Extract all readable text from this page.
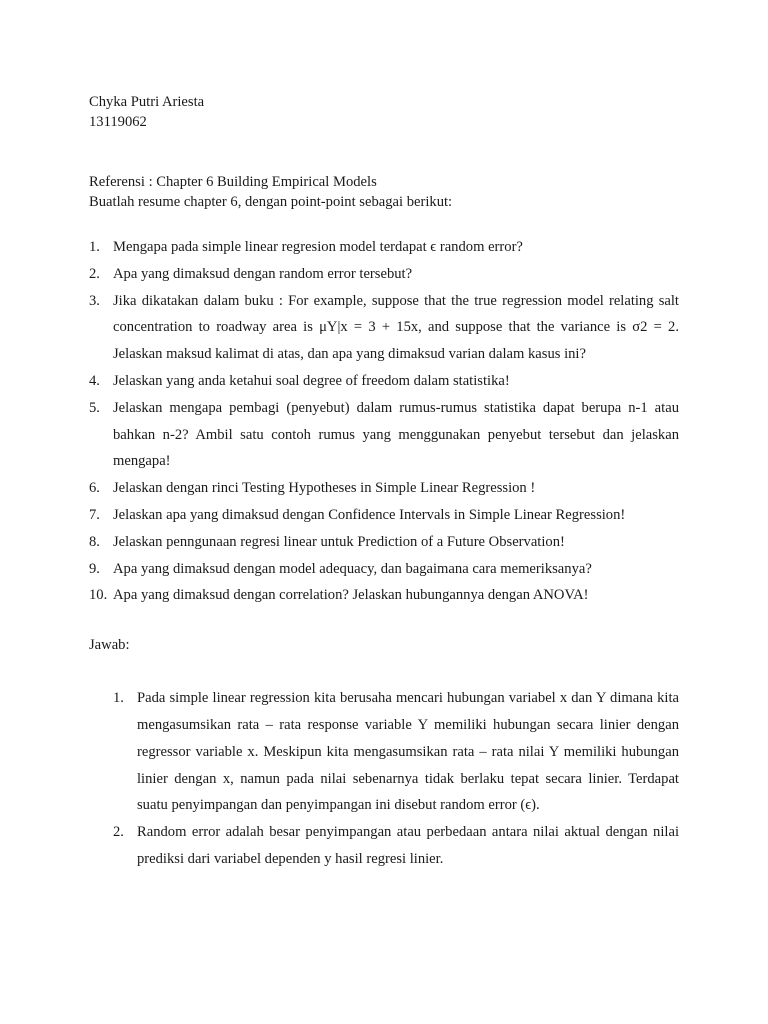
Chyka Putri Ariesta

13119062

Referensi : Chapter 6 Building Empirical Models

Buatlah resume chapter 6, dengan point-point sebagai berikut:

1. Mengapa pada simple linear regresion model terdapat ϵ random error?
2. Apa yang dimaksud dengan random error tersebut?
3. Jika dikatakan dalam buku : For example, suppose that the true regression model relating salt concentration to roadway area is μY|x = 3 + 15x, and suppose that the variance is σ2 = 2. Jelaskan maksud kalimat di atas, dan apa yang dimaksud varian dalam kasus ini?
4. Jelaskan yang anda ketahui soal degree of freedom dalam statistika!
5. Jelaskan mengapa pembagi (penyebut) dalam rumus-rumus statistika dapat berupa n-1 atau bahkan n-2? Ambil satu contoh rumus yang menggunakan penyebut tersebut dan jelaskan mengapa!
6. Jelaskan dengan rinci Testing Hypotheses in Simple Linear Regression !
7. Jelaskan apa yang dimaksud dengan Confidence Intervals in Simple Linear Regression!
8. Jelaskan penngunaan regresi linear untuk Prediction of a Future Observation!
9. Apa yang dimaksud dengan model adequacy, dan bagaimana cara memeriksanya?
10. Apa yang dimaksud dengan correlation? Jelaskan hubungannya dengan ANOVA!

Jawab:

1. Pada simple linear regression kita berusaha mencari hubungan variabel x dan Y dimana kita mengasumsikan rata – rata response variable Y memiliki hubungan secara linier dengan regressor variable x. Meskipun kita mengasumsikan rata – rata nilai Y memiliki hubungan linier dengan x, namun pada nilai sebenarnya tidak berlaku tepat secara linier. Terdapat suatu penyimpangan dan penyimpangan ini disebut random error (ϵ).
2. Random error adalah besar penyimpangan atau perbedaan antara nilai aktual dengan nilai prediksi dari variabel dependen y hasil regresi linier.
